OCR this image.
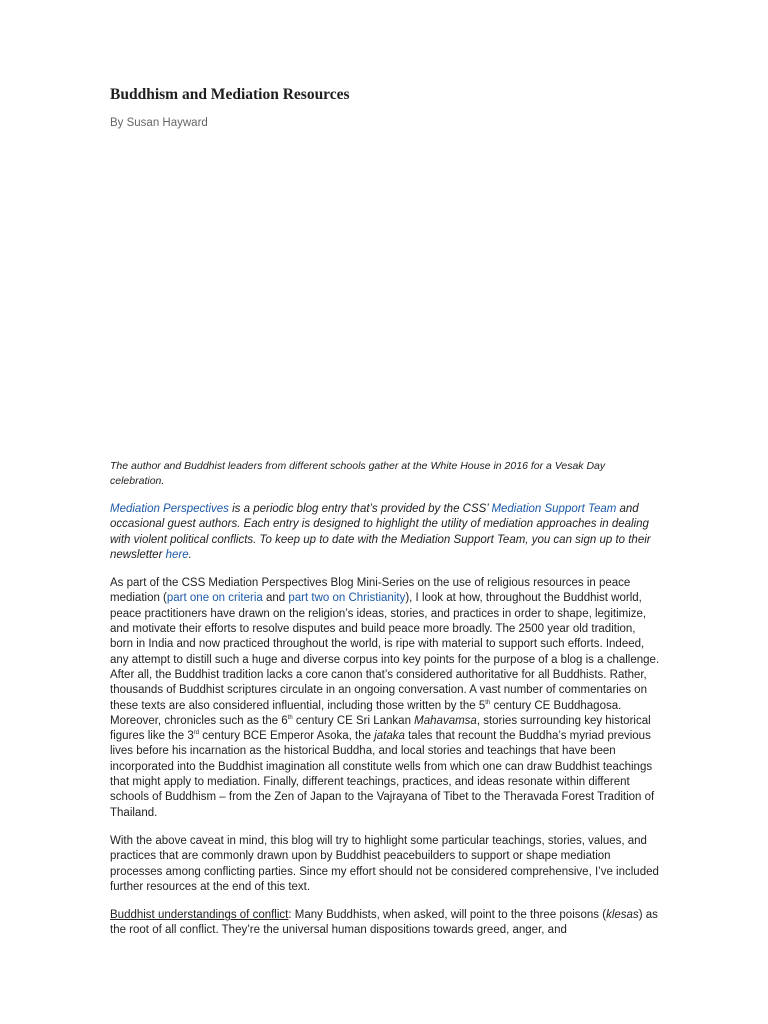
Buddhism and Mediation Resources
By Susan Hayward

The author and Buddhist leaders from different schools gather at the White House in 2016 for a Vesak Day celebration.

Mediation Perspectives is a periodic blog entry that’s provided by the CSS’ Mediation Support Team and occasional guest authors. Each entry is designed to highlight the utility of mediation approaches in dealing with violent political conflicts. To keep up to date with the Mediation Support Team, you can sign up to their newsletter here.

As part of the CSS Mediation Perspectives Blog Mini-Series on the use of religious resources in peace mediation (part one on criteria and part two on Christianity), I look at how, throughout the Buddhist world, peace practitioners have drawn on the religion’s ideas, stories, and practices in order to shape, legitimize, and motivate their efforts to resolve disputes and build peace more broadly. The 2500 year old tradition, born in India and now practiced throughout the world, is ripe with material to support such efforts. Indeed, any attempt to distill such a huge and diverse corpus into key points for the purpose of a blog is a challenge. After all, the Buddhist tradition lacks a core canon that’s considered authoritative for all Buddhists. Rather, thousands of Buddhist scriptures circulate in an ongoing conversation. A vast number of commentaries on these texts are also considered influential, including those written by the 5th century CE Buddhagosa. Moreover, chronicles such as the 6th century CE Sri Lankan Mahavamsa, stories surrounding key historical figures like the 3rd century BCE Emperor Asoka, the jataka tales that recount the Buddha’s myriad previous lives before his incarnation as the historical Buddha, and local stories and teachings that have been incorporated into the Buddhist imagination all constitute wells from which one can draw Buddhist teachings that might apply to mediation. Finally, different teachings, practices, and ideas resonate within different schools of Buddhism – from the Zen of Japan to the Vajrayana of Tibet to the Theravada Forest Tradition of Thailand.

With the above caveat in mind, this blog will try to highlight some particular teachings, stories, values, and practices that are commonly drawn upon by Buddhist peacebuilders to support or shape mediation processes among conflicting parties. Since my effort should not be considered comprehensive, I’ve included further resources at the end of this text.

Buddhist understandings of conflict: Many Buddhists, when asked, will point to the three poisons (klesas) as the root of all conflict. They’re the universal human dispositions towards greed, anger, and
